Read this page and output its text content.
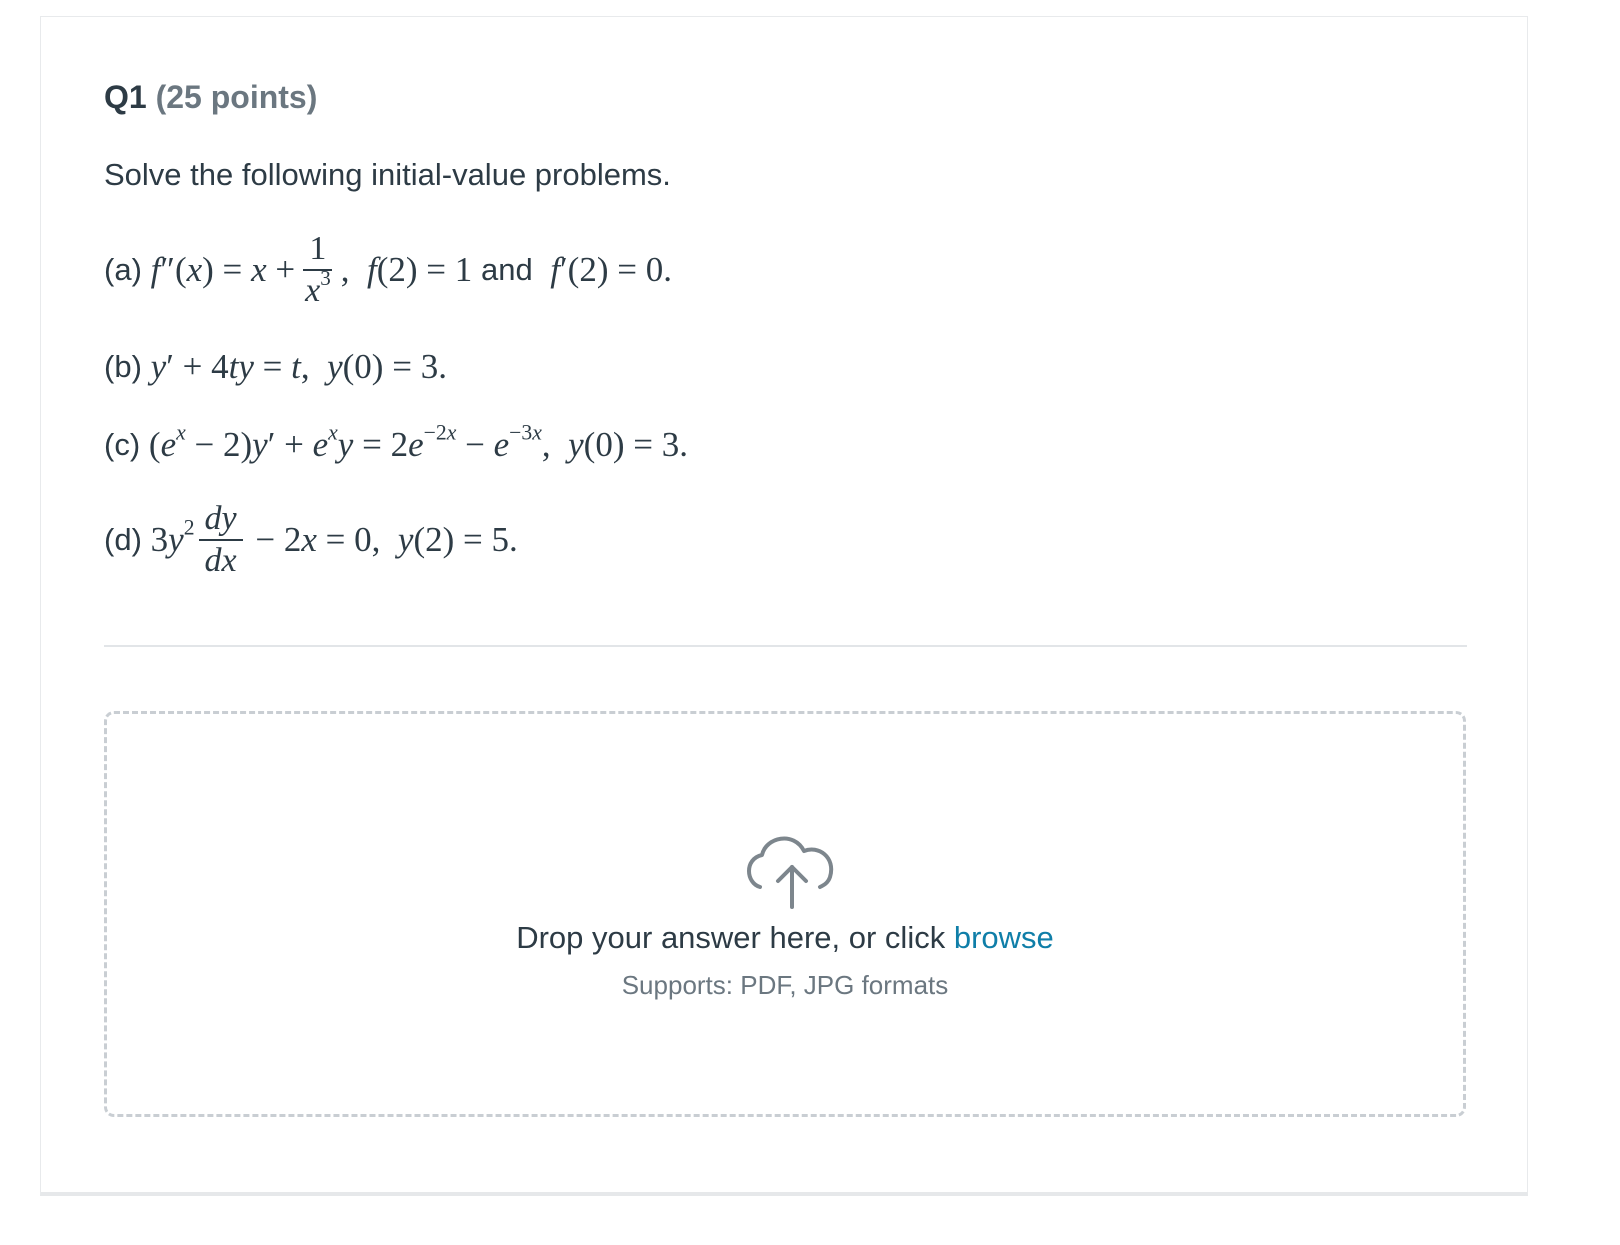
Q1 (25 points)
Solve the following initial-value problems.
(a) $f''(x) = x + \frac{1}{x^3}$ ,  f(2) = 1 and f′(2) = 0.
(b) y′ + 4ty = t,  y(0) = 3.
(c) $(e^x - 2)y' + e^xy = 2e^{-2x} - e^{-3x}$,  y(0) = 3.
(d) $3y^2 \frac{dy}{dx} - 2x = 0$,  y(2) = 5.
Drop your answer here, or click browse
Supports: PDF, JPG formats
